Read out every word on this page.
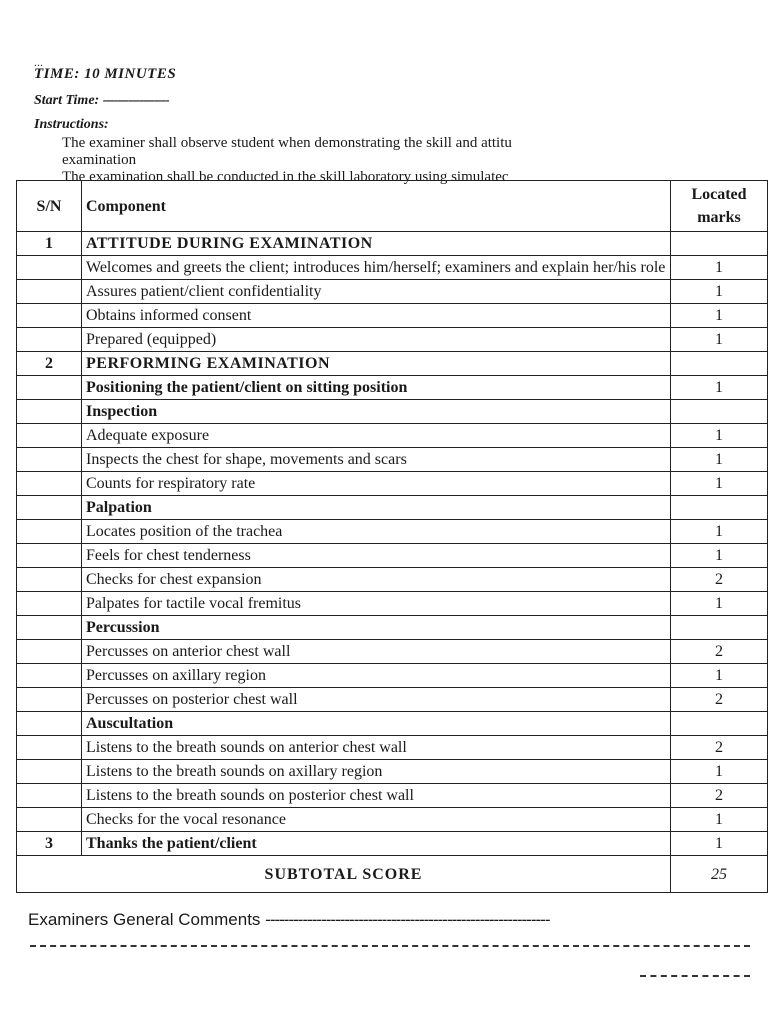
...
TIME: 10 MINUTES
Start Time: ------------------
Instructions:
• The examiner shall observe student when demonstrating the skill and attitu
examination
• The examination shall be conducted in the skill laboratory using simulatec
S/N	Component	Located marks
1	ATTITUDE DURING EXAMINATION	
	Welcomes and greets the client; introduces him/herself; examiners and explain her/his role	1
	Assures patient/client confidentiality	1
	Obtains informed consent	1
	Prepared (equipped)	1
2	PERFORMING EXAMINATION	
	Positioning the patient/client on sitting position	1
	Inspection	
	Adequate exposure	1
	Inspects the chest for shape, movements and scars	1
	Counts for respiratory rate	1
	Palpation	
	Locates position of the trachea	1
	Feels for chest tenderness	1
	Checks for chest expansion	2
	Palpates for tactile vocal fremitus	1
	Percussion	
	Percusses on anterior chest wall	2
	Percusses on axillary region	1
	Percusses on posterior chest wall	2
	Auscultation	
	Listens to the breath sounds on anterior chest wall	2
	Listens to the breath sounds on axillary region	1
	Listens to the breath sounds on posterior chest wall	2
	Checks for the vocal resonance	1
3	Thanks the patient/client	1
SUBTOTAL SCORE		25
Examiners General Comments -------------------------------------------------------------
